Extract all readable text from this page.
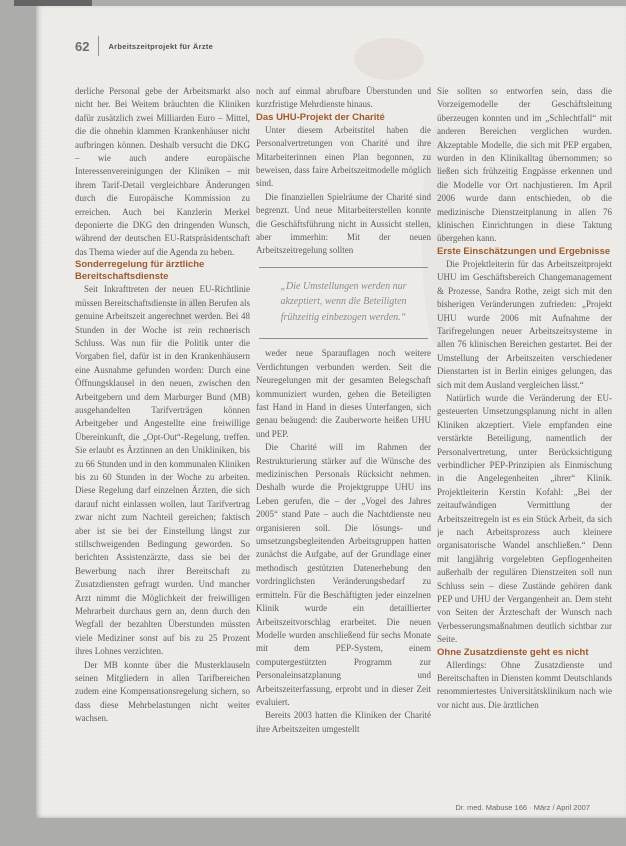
62	Arbeitszeitprojekt für Ärzte

derliche Personal gebe der Arbeitsmarkt also nicht her. Bei Weitem bräuchten die Kliniken dafür zusätzlich zwei Milliarden Euro – Mittel, die die ohnehin klammen Krankenhäuser nicht aufbringen können. Deshalb versucht die DKG – wie auch andere europäische Interessenvereinigungen der Kliniken – mit ihrem Tarif-Detail vergleichbare Änderungen durch die Europäische Kommission zu erreichen. Auch bei Kanzlerin Merkel deponierte die DKG den dringenden Wunsch, während der deutschen EU-Ratspräsidentschaft das Thema wieder auf die Agenda zu heben.

Sonderregelung für ärztliche Bereitschaftsdienste

Seit Inkrafttreten der neuen EU-Richtlinie müssen Bereitschaftsdienste in allen Berufen als genuine Arbeitszeit angerechnet werden. Bei 48 Stunden in der Woche ist rein rechnerisch Schluss. Was nun für die Politik unter die Vorgaben fiel, dafür ist in den Krankenhäusern eine Ausnahme gefunden worden: Durch eine Öffnungsklausel in den neuen, zwischen den Arbeitgebern und dem Marburger Bund (MB) ausgehandelten Tarifverträgen können Arbeitgeber und Angestellte eine freiwillige Übereinkunft, die „Opt-Out“-Regelung, treffen. Sie erlaubt es Ärztinnen an den Unikliniken, bis zu 66 Stunden und in den kommunalen Kliniken bis zu 60 Stunden in der Woche zu arbeiten. Diese Regelung darf einzelnen Ärzten, die sich darauf nicht einlassen wollen, laut Tarifvertrag zwar nicht zum Nachteil gereichen; faktisch aber ist sie bei der Einstellung längst zur stillschweigenden Bedingung geworden. So berichten Assistenzärzte, dass sie bei der Bewerbung nach ihrer Bereitschaft zu Zusatzdiensten gefragt wurden. Und mancher Arzt nimmt die Möglichkeit der freiwilligen Mehrarbeit durchaus gern an, denn durch den Wegfall der bezahlten Überstunden müssten viele Mediziner sonst auf bis zu 25 Prozent ihres Lohnes verzichten.

Der MB konnte über die Musterklauseln seinen Mitgliedern in allen Tarifbereichen zudem eine Kompensationsregelung sichern, so dass diese Mehrbelastungen nicht weiter wachsen.

noch auf einmal abrufbare Überstunden und kurzfristige Mehrdienste hinaus.

Das UHU-Projekt der Charité

Unter diesem Arbeitstitel haben die Personalvertretungen von Charité und ihre Mitarbeiterinnen einen Plan begonnen, zu beweisen, dass faire Arbeitszeitmodelle möglich sind.

Die finanziellen Spielräume der Charité sind begrenzt. Und neue Mitarbeiterstellen konnte die Geschäftsführung nicht in Aussicht stellen, aber immerhin: Mit der neuen Arbeitszeitregelung sollten

„Die Umstellungen werden nur akzeptiert, wenn die Beteiligten frühzeitig einbezogen werden.“

weder neue Sparauflagen noch weitere Verdichtungen verbunden werden. Seit die Neuregelungen mit der gesamten Belegschaft kommuniziert wurden, gehen die Beteiligten fast Hand in Hand in dieses Unterfangen, sich genau beäugend: die Zauberworte heißen UHU und PEP.

Die Charité will im Rahmen der Restrukturierung stärker auf die Wünsche des medizinischen Personals Rücksicht nehmen. Deshalb wurde die Projektgruppe UHU ins Leben gerufen, die – der „Vogel des Jahres 2005“ stand Pate – auch die Nachtdienste neu organisieren soll. Die lösungs- und umsetzungsbegleitenden Arbeitsgruppen hatten zunächst die Aufgabe, auf der Grundlage einer methodisch gestützten Datenerhebung den vordringlichsten Veränderungsbedarf zu ermitteln. Für die Beschäftigten jeder einzelnen Klinik wurde ein detaillierter Arbeitszeitvorschlag erarbeitet. Die neuen Modelle wurden anschließend für sechs Monate mit dem PEP-System, einem computergestützten Programm zur Personaleinsatzplanung und Arbeitszeiterfassung, erprobt und in dieser Zeit evaluiert.

Bereits 2003 hatten die Kliniken der Charité ihre Arbeitszeiten umgestellt

Sie sollten so entworfen sein, dass die Vorzeigemodelle der Geschäftsleitung überzeugen konnten und im „Schlechtfall“ mit anderen Bereichen verglichen wurden. Akzeptable Modelle, die sich mit PEP ergaben, wurden in den Klinikalltag übernommen; so ließen sich frühzeitig Engpässe erkennen und die Modelle vor Ort nachjustieren. Im April 2006 wurde dann entschieden, ob die medizinische Dienstzeitplanung in allen 76 klinischen Einrichtungen in diese Taktung übergehen kann.

Erste Einschätzungen und Ergebnisse

Die Projektleiterin für das Arbeitszeitprojekt UHU im Geschäftsbereich Changemanagement & Prozesse, Sandra Rothe, zeigt sich mit den bisherigen Veränderungen zufrieden: „Projekt UHU wurde 2006 mit Aufnahme der Tarifregelungen neuer Arbeitszeitsysteme in allen 76 klinischen Bereichen gestartet. Bei der Umstellung der Arbeitszeiten verschiedener Dienstarten ist in Berlin einiges gelungen, das sich mit dem Ausland vergleichen lässt.“

Natürlich wurde die Veränderung der EU-gesteuerten Umsetzungsplanung nicht in allen Kliniken akzeptiert. Viele empfanden eine verstärkte Beteiligung, namentlich der Personalvertretung, unter Berücksichtigung verbindlicher PEP-Prinzipien als Einmischung in die Angelegenheiten „ihrer“ Klinik. Projektleiterin Kerstin Kofahl: „Bei der zeitaufwändigen Vermittlung der Arbeitszeitregeln ist es ein Stück Arbeit, da sich je nach Arbeitsprozess auch kleinere organisatorische Wandel anschließen.“ Denn mit langjährig vorgelebten Gepflogenheiten außerhalb der regulären Dienstzeiten soll nun Schluss sein – diese Zustände gehören dank PEP und UHU der Vergangenheit an. Dem steht von Seiten der Ärzteschaft der Wunsch nach Verbesserungsmaßnahmen deutlich sichtbar zur Seite.

Ohne Zusatzdienste geht es nicht

Allerdings: Ohne Zusatzdienste und Bereitschaften in Diensten kommt Deutschlands renommiertestes Universitätsklinikum nach wie vor nicht aus. Die ärztlichen

Dr. med. Mabuse 166 · März / April 2007
